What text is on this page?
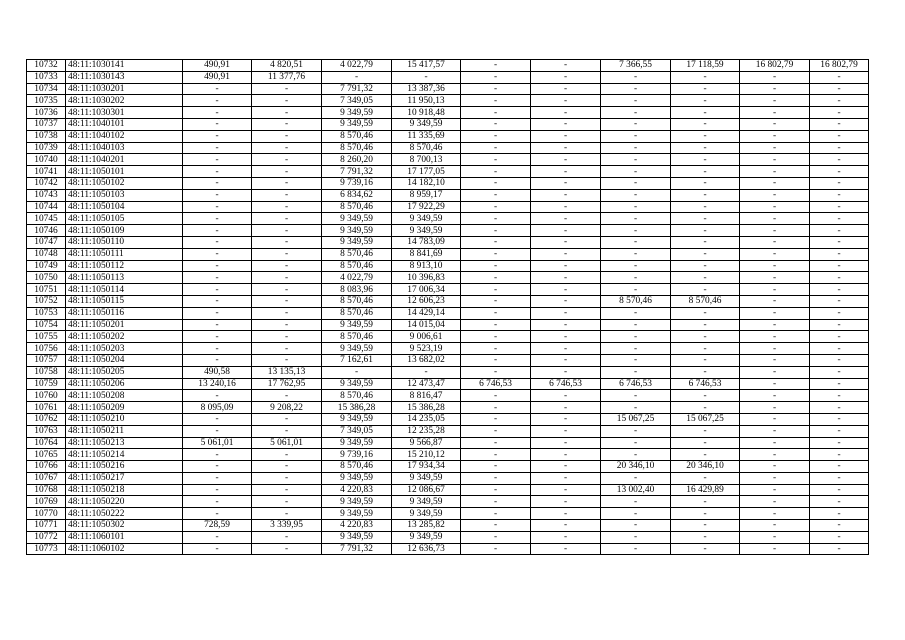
10732	48:11:1030141	490,91	4 820,51	4 022,79	15 417,57	-	-	7 366,55	17 118,59	16 802,79	16 802,79
10733	48:11:1030143	490,91	11 377,76	-	-	-	-	-	-	-	-
10734	48:11:1030201	-	-	7 791,32	13 387,36	-	-	-	-	-	-
10735	48:11:1030202	-	-	7 349,05	11 950,13	-	-	-	-	-	-
10736	48:11:1030301	-	-	9 349,59	10 918,48	-	-	-	-	-	-
10737	48:11:1040101	-	-	9 349,59	9 349,59	-	-	-	-	-	-
10738	48:11:1040102	-	-	8 570,46	11 335,69	-	-	-	-	-	-
10739	48:11:1040103	-	-	8 570,46	8 570,46	-	-	-	-	-	-
10740	48:11:1040201	-	-	8 260,20	8 700,13	-	-	-	-	-	-
10741	48:11:1050101	-	-	7 791,32	17 177,05	-	-	-	-	-	-
10742	48:11:1050102	-	-	9 739,16	14 182,10	-	-	-	-	-	-
10743	48:11:1050103	-	-	6 834,62	8 959,17	-	-	-	-	-	-
10744	48:11:1050104	-	-	8 570,46	17 922,29	-	-	-	-	-	-
10745	48:11:1050105	-	-	9 349,59	9 349,59	-	-	-	-	-	-
10746	48:11:1050109	-	-	9 349,59	9 349,59	-	-	-	-	-	-
10747	48:11:1050110	-	-	9 349,59	14 783,09	-	-	-	-	-	-
10748	48:11:1050111	-	-	8 570,46	8 841,69	-	-	-	-	-	-
10749	48:11:1050112	-	-	8 570,46	8 913,10	-	-	-	-	-	-
10750	48:11:1050113	-	-	4 022,79	10 396,83	-	-	-	-	-	-
10751	48:11:1050114	-	-	8 083,96	17 006,34	-	-	-	-	-	-
10752	48:11:1050115	-	-	8 570,46	12 606,23	-	-	8 570,46	8 570,46	-	-
10753	48:11:1050116	-	-	8 570,46	14 429,14	-	-	-	-	-	-
10754	48:11:1050201	-	-	9 349,59	14 015,04	-	-	-	-	-	-
10755	48:11:1050202	-	-	8 570,46	9 006,61	-	-	-	-	-	-
10756	48:11:1050203	-	-	9 349,59	9 523,19	-	-	-	-	-	-
10757	48:11:1050204	-	-	7 162,61	13 682,02	-	-	-	-	-	-
10758	48:11:1050205	490,58	13 135,13	-	-	-	-	-	-	-	-
10759	48:11:1050206	13 240,16	17 762,95	9 349,59	12 473,47	6 746,53	6 746,53	6 746,53	6 746,53	-	-
10760	48:11:1050208	-	-	8 570,46	8 816,47	-	-	-	-	-	-
10761	48:11:1050209	8 095,09	9 208,22	15 386,28	15 386,28	-	-	-	-	-	-
10762	48:11:1050210	-	-	9 349,59	14 235,05	-	-	15 067,25	15 067,25	-	-
10763	48:11:1050211	-	-	7 349,05	12 235,28	-	-	-	-	-	-
10764	48:11:1050213	5 061,01	5 061,01	9 349,59	9 566,87	-	-	-	-	-	-
10765	48:11:1050214	-	-	9 739,16	15 210,12	-	-	-	-	-	-
10766	48:11:1050216	-	-	8 570,46	17 934,34	-	-	20 346,10	20 346,10	-	-
10767	48:11:1050217	-	-	9 349,59	9 349,59	-	-	-	-	-	-
10768	48:11:1050218	-	-	4 220,83	12 086,67	-	-	13 002,40	16 429,89	-	-
10769	48:11:1050220	-	-	9 349,59	9 349,59	-	-	-	-	-	-
10770	48:11:1050222	-	-	9 349,59	9 349,59	-	-	-	-	-	-
10771	48:11:1050302	728,59	3 339,95	4 220,83	13 285,82	-	-	-	-	-	-
10772	48:11:1060101	-	-	9 349,59	9 349,59	-	-	-	-	-	-
10773	48:11:1060102	-	-	7 791,32	12 636,73	-	-	-	-	-	-
